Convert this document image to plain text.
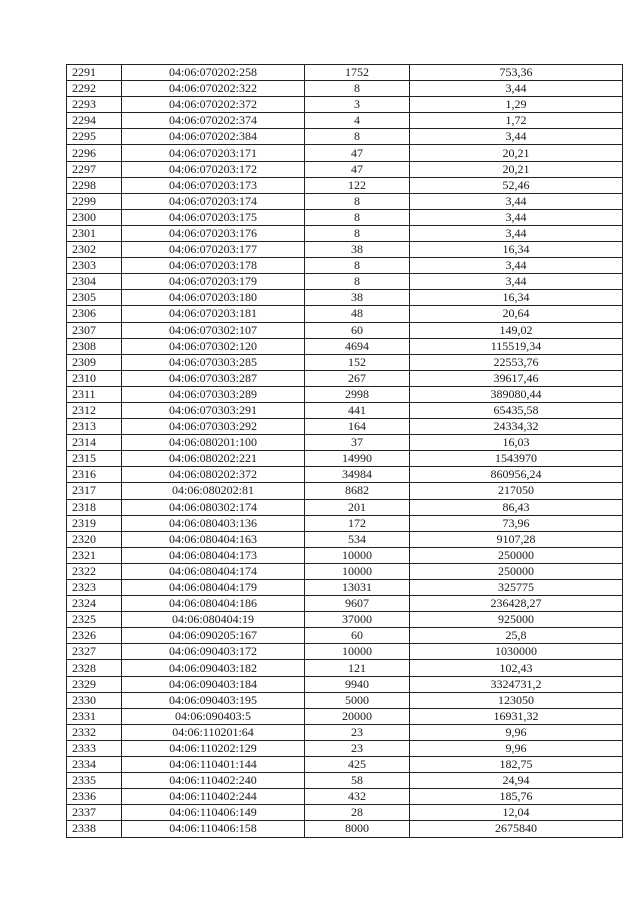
2291	04:06:070202:258	1752	753,36
2292	04:06:070202:322	8	3,44
2293	04:06:070202:372	3	1,29
2294	04:06:070202:374	4	1,72
2295	04:06:070202:384	8	3,44
2296	04:06:070203:171	47	20,21
2297	04:06:070203:172	47	20,21
2298	04:06:070203:173	122	52,46
2299	04:06:070203:174	8	3,44
2300	04:06:070203:175	8	3,44
2301	04:06:070203:176	8	3,44
2302	04:06:070203:177	38	16,34
2303	04:06:070203:178	8	3,44
2304	04:06:070203:179	8	3,44
2305	04:06:070203:180	38	16,34
2306	04:06:070203:181	48	20,64
2307	04:06:070302:107	60	149,02
2308	04:06:070302:120	4694	115519,34
2309	04:06:070303:285	152	22553,76
2310	04:06:070303:287	267	39617,46
2311	04:06:070303:289	2998	389080,44
2312	04:06:070303:291	441	65435,58
2313	04:06:070303:292	164	24334,32
2314	04:06:080201:100	37	16,03
2315	04:06:080202:221	14990	1543970
2316	04:06:080202:372	34984	860956,24
2317	04:06:080202:81	8682	217050
2318	04:06:080302:174	201	86,43
2319	04:06:080403:136	172	73,96
2320	04:06:080404:163	534	9107,28
2321	04:06:080404:173	10000	250000
2322	04:06:080404:174	10000	250000
2323	04:06:080404:179	13031	325775
2324	04:06:080404:186	9607	236428,27
2325	04:06:080404:19	37000	925000
2326	04:06:090205:167	60	25,8
2327	04:06:090403:172	10000	1030000
2328	04:06:090403:182	121	102,43
2329	04:06:090403:184	9940	3324731,2
2330	04:06:090403:195	5000	123050
2331	04:06:090403:5	20000	16931,32
2332	04:06:110201:64	23	9,96
2333	04:06:110202:129	23	9,96
2334	04:06:110401:144	425	182,75
2335	04:06:110402:240	58	24,94
2336	04:06:110402:244	432	185,76
2337	04:06:110406:149	28	12,04
2338	04:06:110406:158	8000	2675840
